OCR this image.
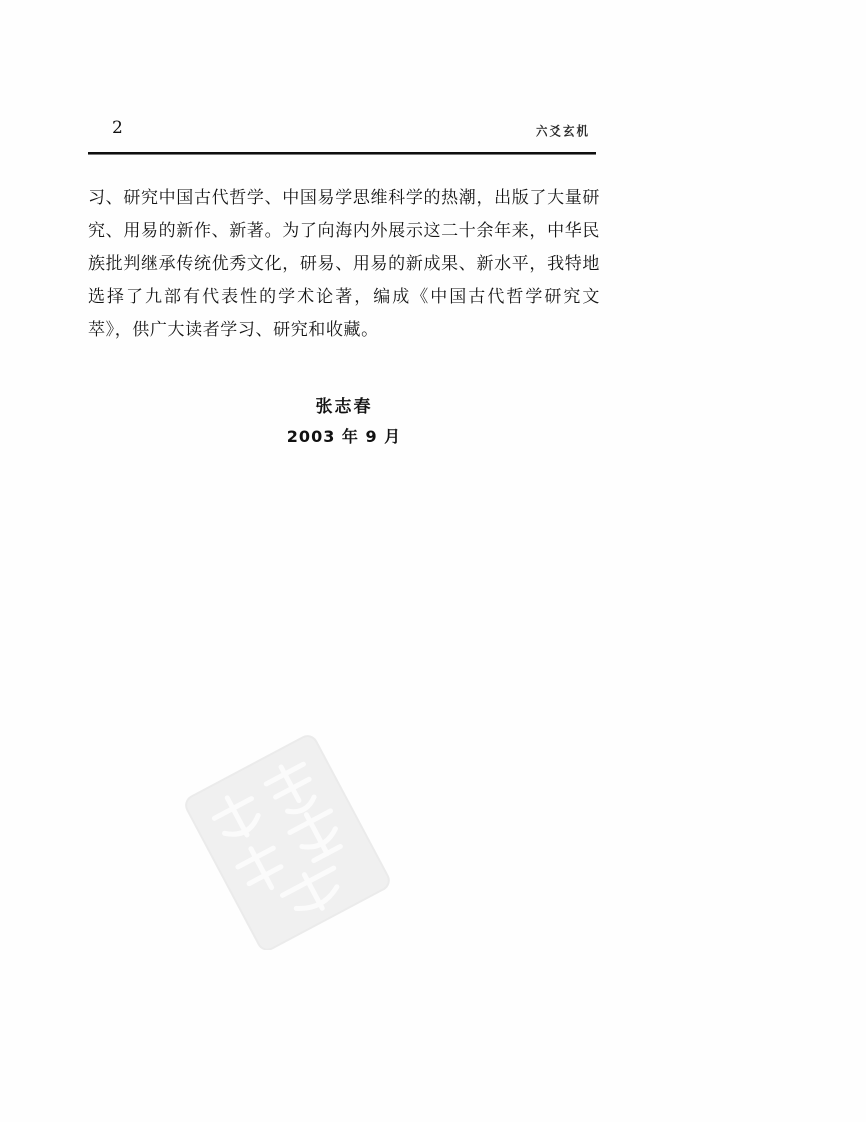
2	六爻玄机

习、研究中国古代哲学、中国易学思维科学的热潮，出版了大量研究、用易的新作、新著。为了向海内外展示这二十余年来，中华民族批判继承传统优秀文化，研易、用易的新成果、新水平，我特地选择了九部有代表性的学术论著，编成《中国古代哲学研究文萃》，供广大读者学习、研究和收藏。

张志春
2003 年 9 月
